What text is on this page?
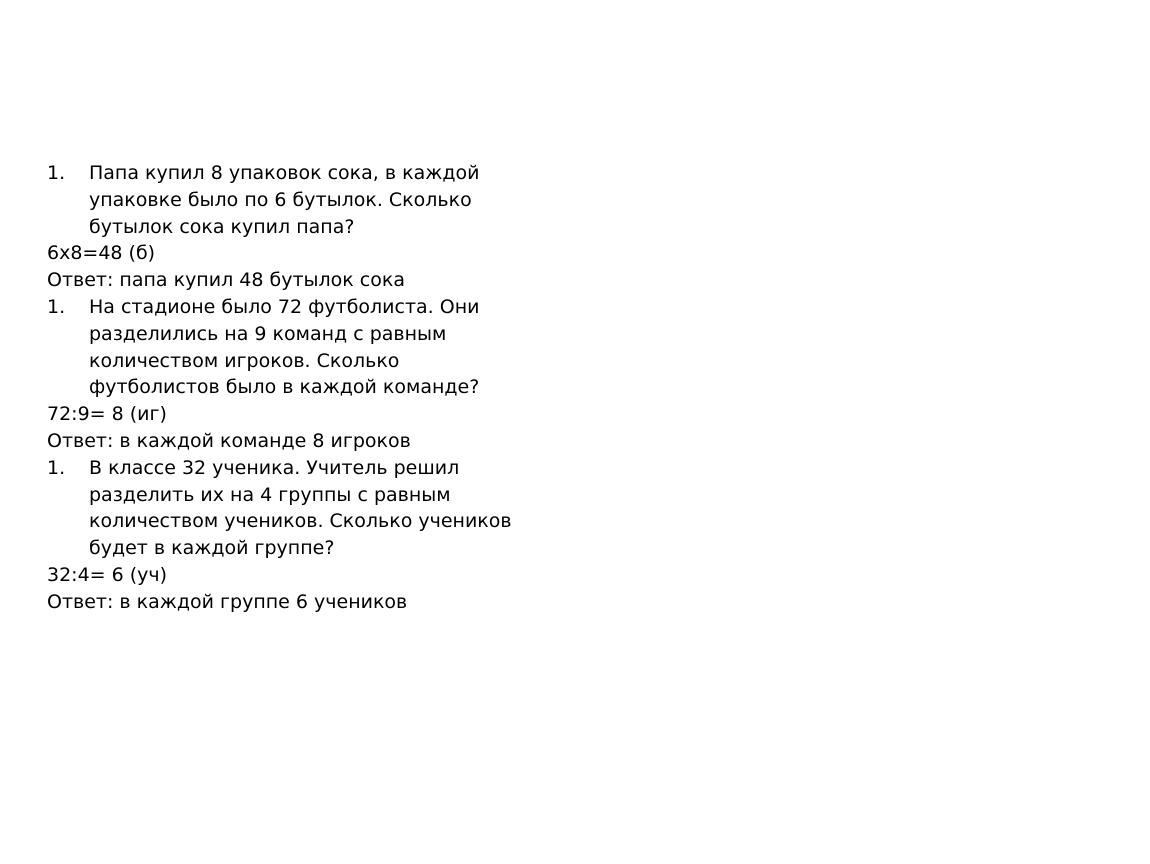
1.	Папа купил 8 упаковок сока, в каждой упаковке было по 6 бутылок. Сколько бутылок сока купил папа?
6х8=48 (б)
Ответ: папа купил 48 бутылок сока
1.	На стадионе было 72 футболиста. Они разделились на 9 команд с равным количеством игроков. Сколько футболистов было в каждой команде?
72:9= 8 (иг)
Ответ: в каждой команде 8 игроков
1.	В классе 32 ученика. Учитель решил разделить их на 4 группы с равным количеством учеников. Сколько учеников будет в каждой группе?
32:4= 6 (уч)
Ответ: в каждой группе 6 учеников
